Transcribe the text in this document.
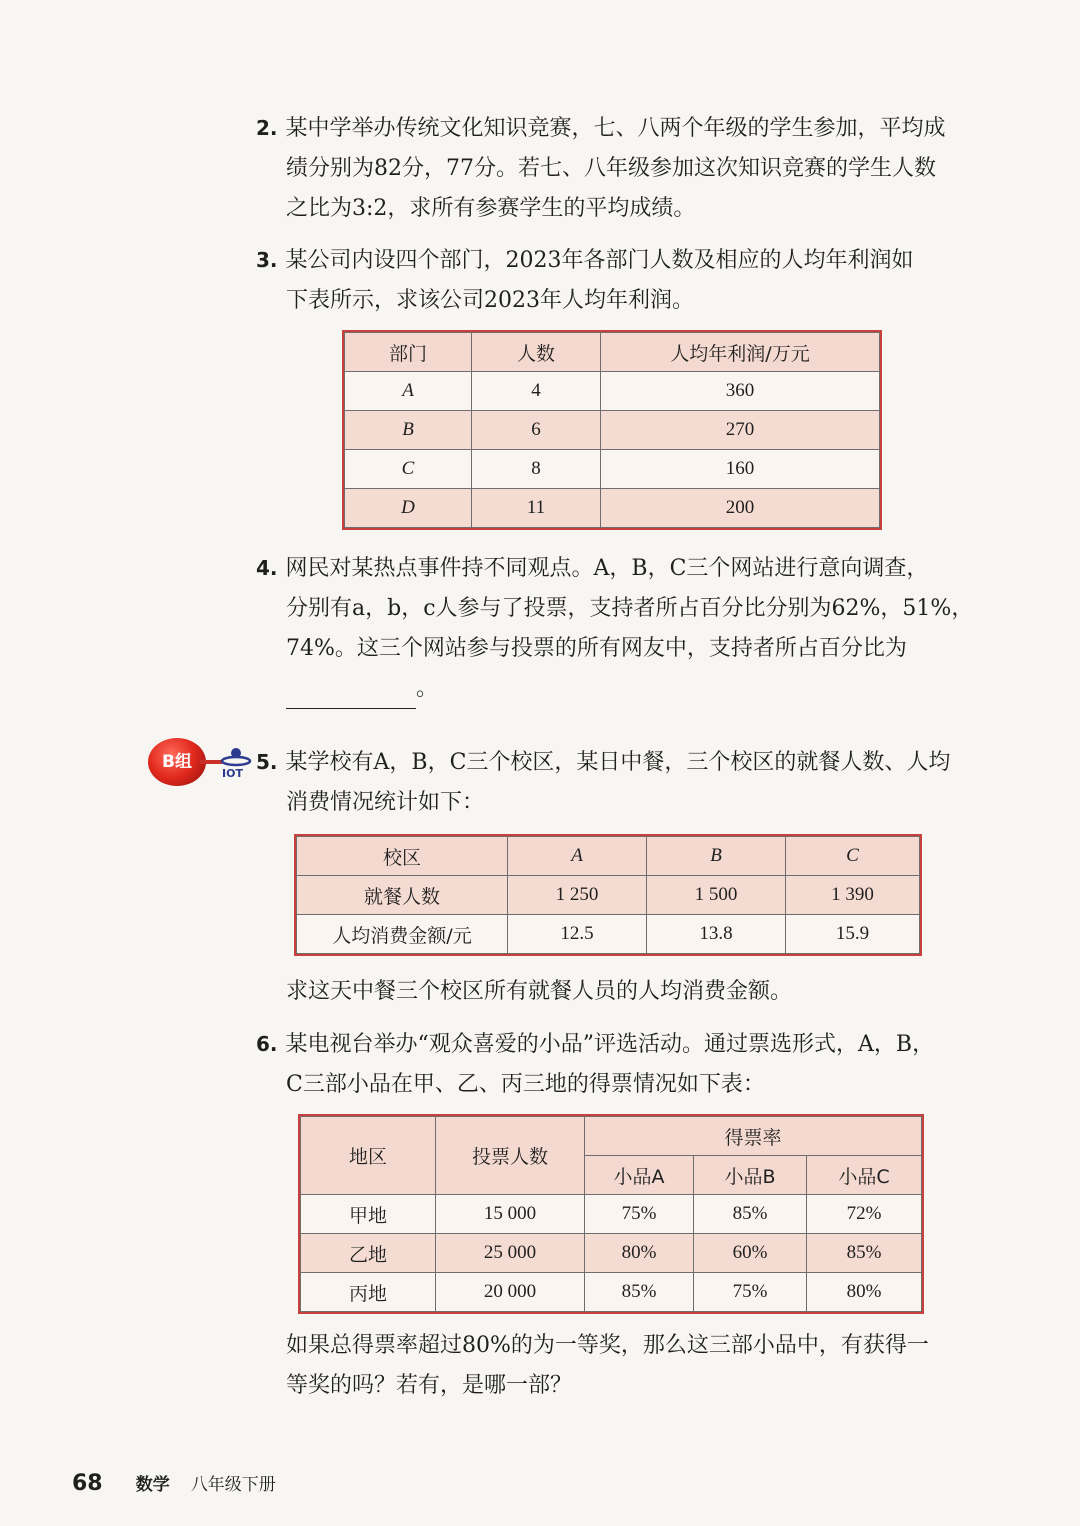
2. 某中学举办传统文化知识竞赛，七、八两个年级的学生参加，平均成
绩分别为82分，77分。若七、八年级参加这次知识竞赛的学生人数
之比为3:2，求所有参赛学生的平均成绩。
3. 某公司内设四个部门，2023年各部门人数及相应的人均年利润如
下表所示，求该公司2023年人均年利润。
部门	人数	人均年利润/万元
A	4	360
B	6	270
C	8	160
D	11	200
4. 网民对某热点事件持不同观点。A，B，C三个网站进行意向调查，
分别有a，b，c人参与了投票，支持者所占百分比分别为62%，51%，
74%。这三个网站参与投票的所有网友中，支持者所占百分比为
。
B组
IOT 5. 某学校有A，B，C三个校区，某日中餐，三个校区的就餐人数、人均
消费情况统计如下：
校区	A	B	C
就餐人数	1 250	1 500	1 390
人均消费金额/元	12.5	13.8	15.9
求这天中餐三个校区所有就餐人员的人均消费金额。
6. 某电视台举办“观众喜爱的小品”评选活动。通过票选形式，A，B，
C三部小品在甲、乙、丙三地的得票情况如下表：
地区	投票人数	得票率		
		小品A	小品B	小品C
甲地	15 000	75%	85%	72%
乙地	25 000	80%	60%	85%
丙地	20 000	85%	75%	80%
如果总得票率超过80%的为一等奖，那么这三部小品中，有获得一
等奖的吗？若有，是哪一部？
68 数学 八年级下册
